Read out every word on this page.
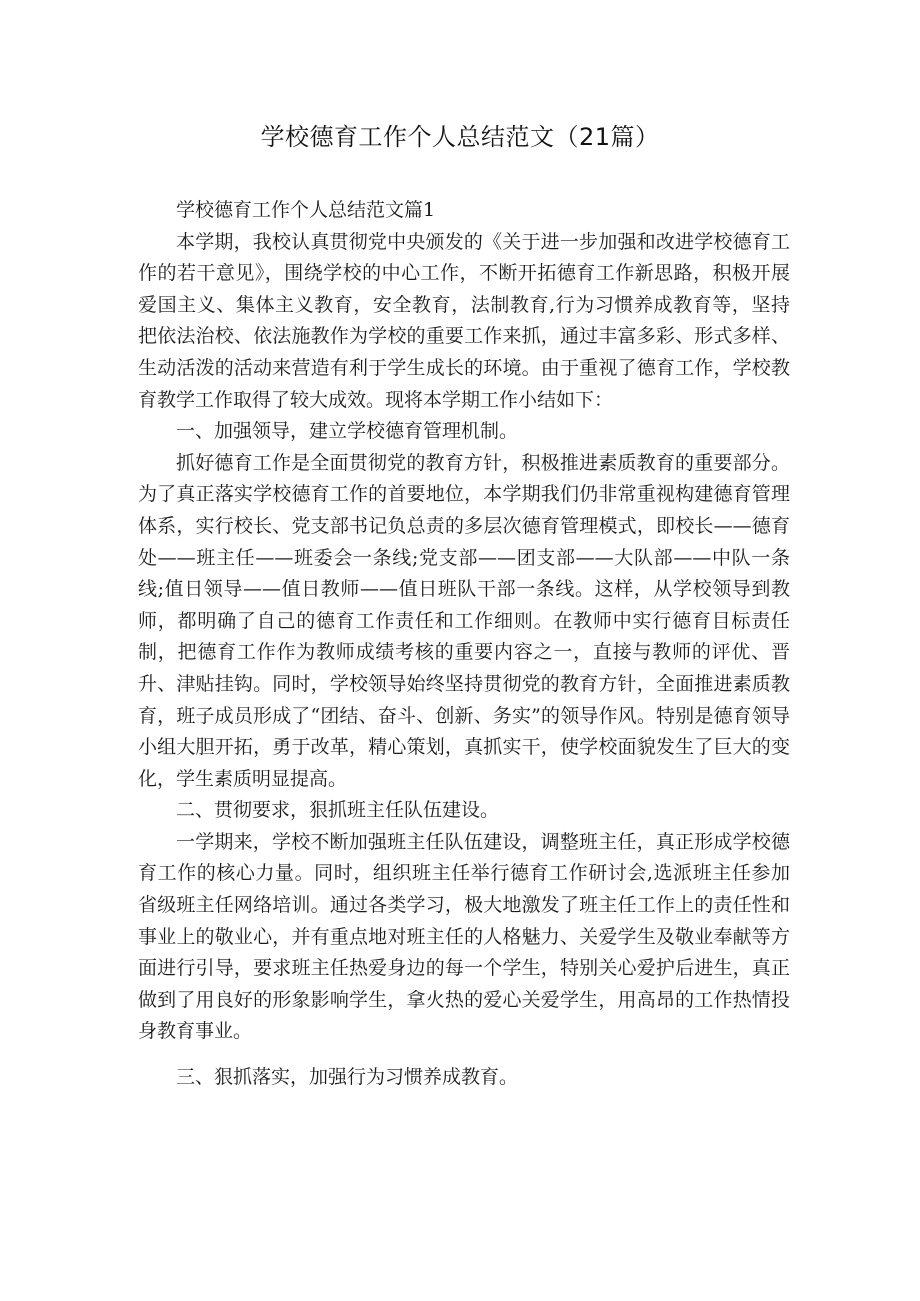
学校德育工作个人总结范文（21篇）

学校德育工作个人总结范文篇1

本学期，我校认真贯彻党中央颁发的《关于进一步加强和改进学校德育工作的若干意见》，围绕学校的中心工作，不断开拓德育工作新思路，积极开展爱国主义、集体主义教育，安全教育，法制教育,行为习惯养成教育等，坚持把依法治校、依法施教作为学校的重要工作来抓，通过丰富多彩、形式多样、生动活泼的活动来营造有利于学生成长的环境。由于重视了德育工作，学校教育教学工作取得了较大成效。现将本学期工作小结如下：

一、加强领导，建立学校德育管理机制。

抓好德育工作是全面贯彻党的教育方针，积极推进素质教育的重要部分。为了真正落实学校德育工作的首要地位，本学期我们仍非常重视构建德育管理体系，实行校长、党支部书记负总责的多层次德育管理模式，即校长——德育处——班主任——班委会一条线;党支部——团支部——大队部——中队一条线;值日领导——值日教师——值日班队干部一条线。这样，从学校领导到教师，都明确了自己的德育工作责任和工作细则。在教师中实行德育目标责任制，把德育工作作为教师成绩考核的重要内容之一，直接与教师的评优、晋升、津贴挂钩。同时，学校领导始终坚持贯彻党的教育方针，全面推进素质教育，班子成员形成了“团结、奋斗、创新、务实”的领导作风。特别是德育领导小组大胆开拓，勇于改革，精心策划，真抓实干，使学校面貌发生了巨大的变化，学生素质明显提高。

二、贯彻要求，狠抓班主任队伍建设。

一学期来，学校不断加强班主任队伍建设，调整班主任，真正形成学校德育工作的核心力量。同时，组织班主任举行德育工作研讨会,选派班主任参加省级班主任网络培训。通过各类学习，极大地激发了班主任工作上的责任性和事业上的敬业心，并有重点地对班主任的人格魅力、关爱学生及敬业奉献等方面进行引导，要求班主任热爱身边的每一个学生，特别关心爱护后进生，真正做到了用良好的形象影响学生，拿火热的爱心关爱学生，用高昂的工作热情投身教育事业。

三、狠抓落实，加强行为习惯养成教育。
